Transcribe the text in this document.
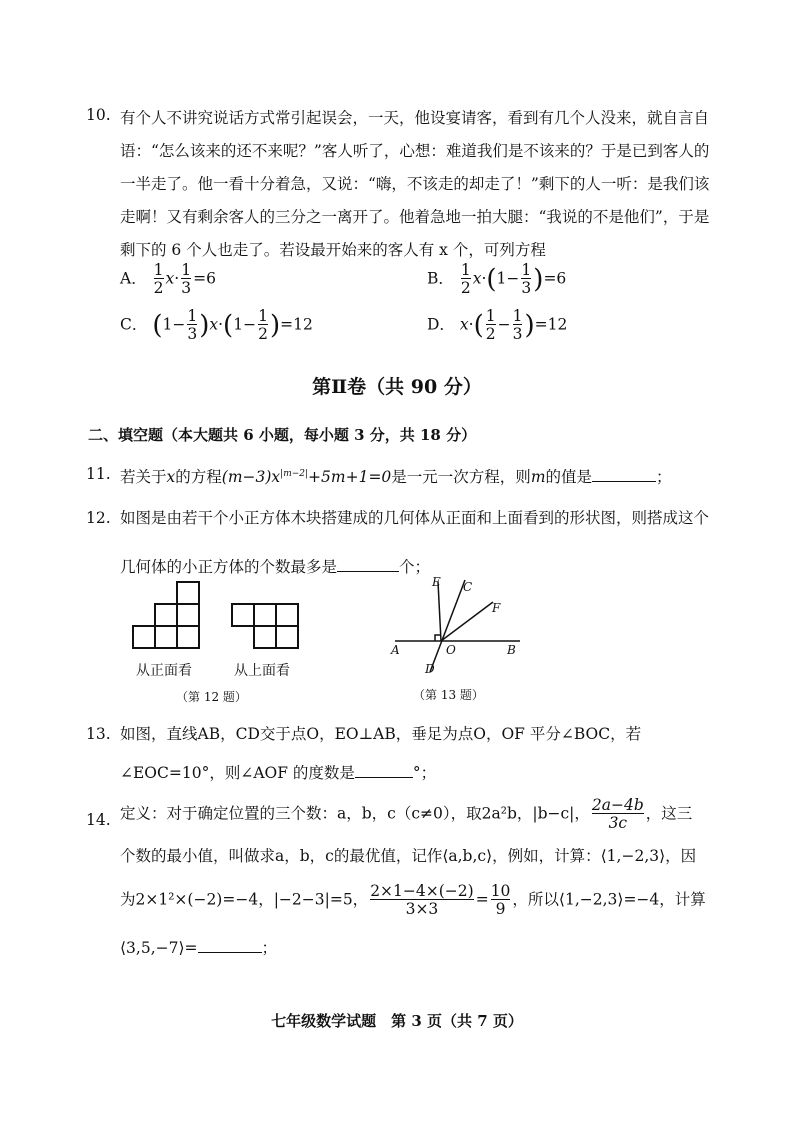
10. 有个人不讲究说话方式常引起误会，一天，他设宴请客，看到有几个人没来，就自言自
语：“怎么该来的还不来呢？”客人听了，心想：难道我们是不该来的？于是已到客人的
一半走了。他一看十分着急，又说：“嗨，不该走的却走了！”剩下的人一听：是我们该
走啊！又有剩余客人的三分之一离开了。他着急地一拍大腿：“我说的不是他们”，于是
剩下的 6 个人也走了。若设最开始来的客人有 x 个，可列方程
A． $\frac{1}{2} x\cdot \frac{1}{3} =6$	B． $\frac{1}{2} x\cdot(1- \frac{1}{3} )=6$
C． $(1- \frac{1}{3} )x\cdot(1- \frac{1}{2} )=12$	D． $x\cdot( \frac{1}{2} - \frac{1}{3} )=12$
第Ⅱ卷（共 90 分）
二、填空题（本大题共 6 小题，每小题 3 分，共 18 分）
11. 若关于x的方程$(m-3)x^{|m-2|}+5m+1=0$是一元一次方程，则m的值是	；
12. 如图是由若干个小正方体木块搭建成的几何体从正面和上面看到的形状图，则搭成这个
几何体的小正方体的个数最多是	个；
E C
F
A	O	B
D
从正面看	从上面看
（第 12 题）	（第 13 题）
13. 如图，直线AB，CD交于点O，EO⊥AB，垂足为点O，OF 平分∠BOC，若
∠EOC=10°，则∠AOF 的度数是	°；
14. 定义：对于确定位置的三个数：a，b，c（c≠0），取2a²b，|b−c|， $\frac{2a-4b}{3c}$ ，这三
个数的最小值，叫做求a，b，c的最优值，记作⟨a,b,c⟩，例如，计算：⟨1,−2,3⟩，因
为2×1²×(−2)=−4，|−2−3|=5， $\frac{2\times 1-4\times(-2)}{3\times 3} = \frac{10}{9}$ ，所以⟨1,−2,3⟩=−4，计算
⟨3,5,−7⟩=	；
七年级数学试题　第 3 页（共 7 页）
